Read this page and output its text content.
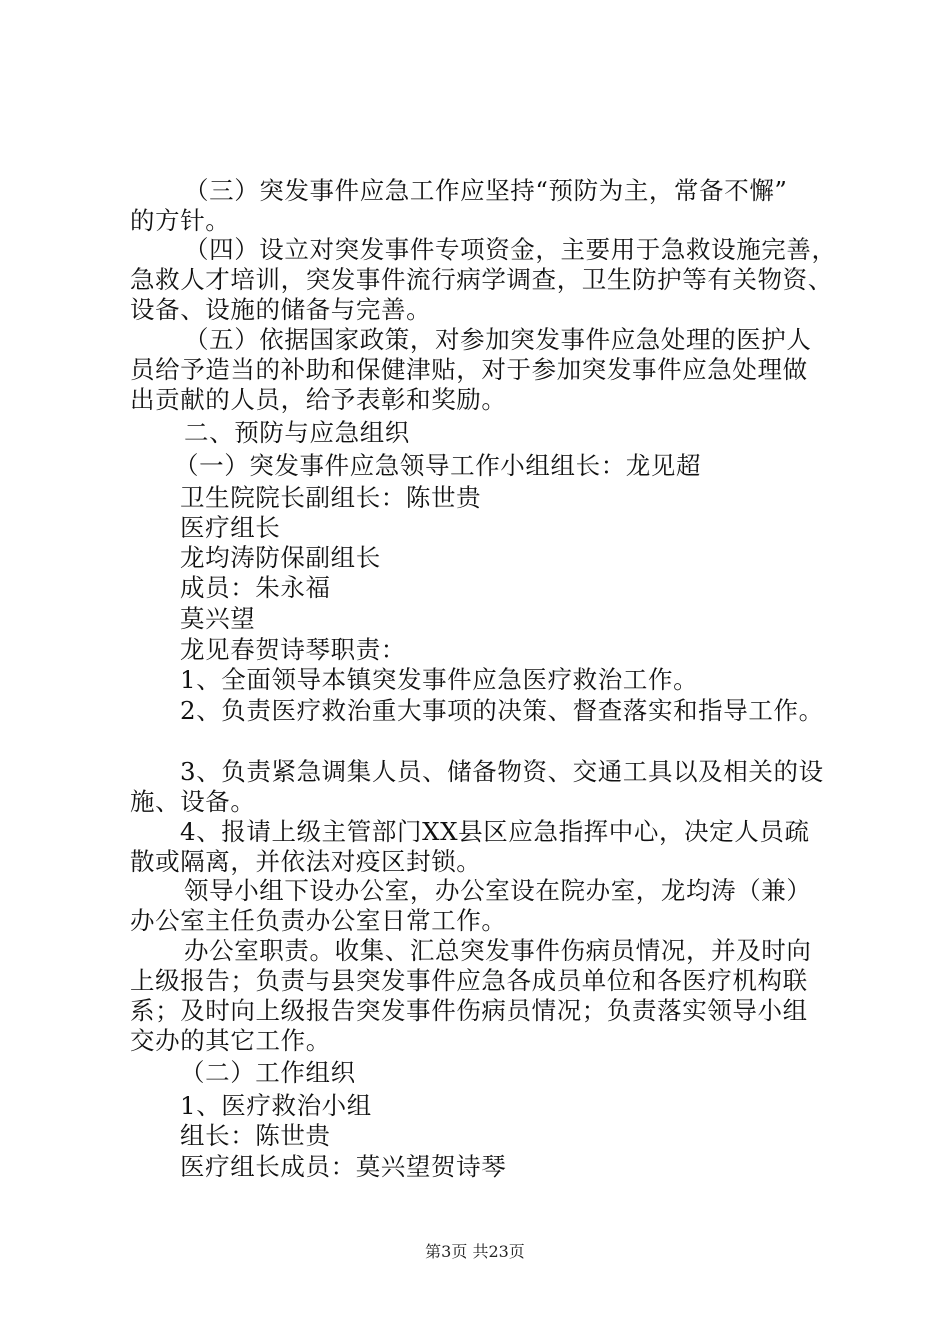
（三）突发事件应急工作应坚持“预防为主，常备不懈”
的方针。
（四）设立对突发事件专项资金，主要用于急救设施完善，
急救人才培训，突发事件流行病学调查，卫生防护等有关物资、
设备、设施的储备与完善。
（五）依据国家政策，对参加突发事件应急处理的医护人
员给予造当的补助和保健津贴，对于参加突发事件应急处理做
出贡献的人员，给予表彰和奖励。
二、预防与应急组织
（一）突发事件应急领导工作小组组长：龙见超
卫生院院长副组长：陈世贵
医疗组长
龙均涛防保副组长
成员：朱永福
莫兴望
龙见春贺诗琴职责：
1、全面领导本镇突发事件应急医疗救治工作。
2、负责医疗救治重大事项的决策、督查落实和指导工作。
3、负责紧急调集人员、储备物资、交通工具以及相关的设
施、设备。
4、报请上级主管部门XX县区应急指挥中心，决定人员疏
散或隔离，并依法对疫区封锁。
领导小组下设办公室，办公室设在院办室，龙均涛（兼）
办公室主任负责办公室日常工作。
办公室职责。收集、汇总突发事件伤病员情况，并及时向
上级报告；负责与县突发事件应急各成员单位和各医疗机构联
系；及时向上级报告突发事件伤病员情况；负责落实领导小组
交办的其它工作。
（二）工作组织
1、医疗救治小组
组长：陈世贵
医疗组长成员：莫兴望贺诗琴
第3页 共23页
